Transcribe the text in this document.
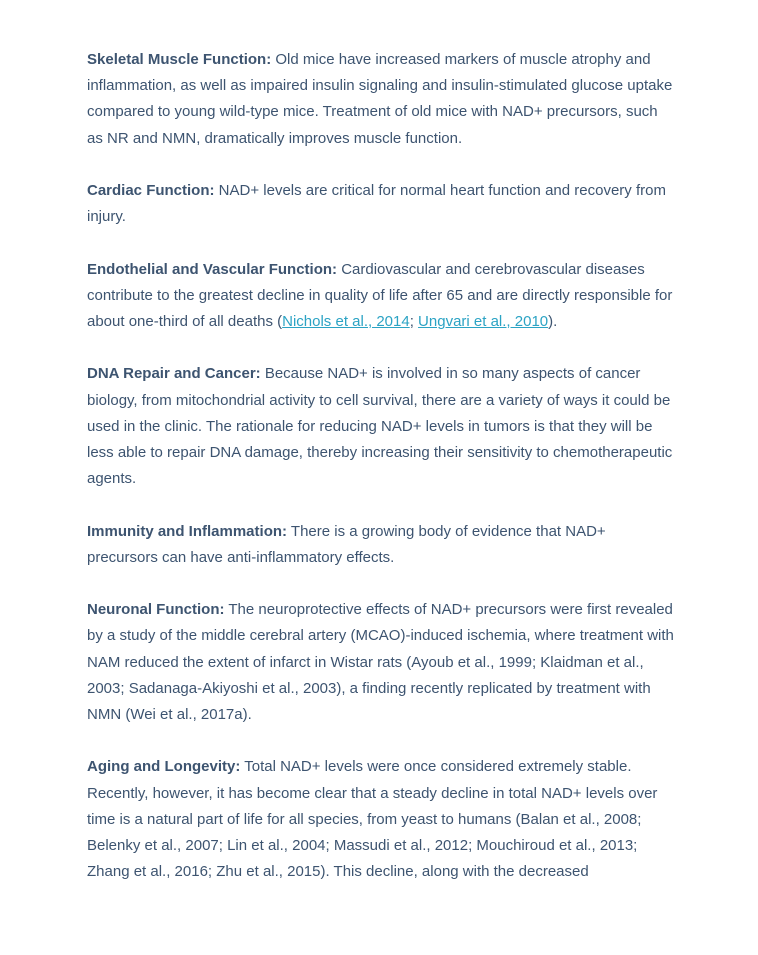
Skeletal Muscle Function: Old mice have increased markers of muscle atrophy and inflammation, as well as impaired insulin signaling and insulin-stimulated glucose uptake compared to young wild-type mice. Treatment of old mice with NAD+ precursors, such as NR and NMN, dramatically improves muscle function.

Cardiac Function: NAD+ levels are critical for normal heart function and recovery from injury.

Endothelial and Vascular Function: Cardiovascular and cerebrovascular diseases contribute to the greatest decline in quality of life after 65 and are directly responsible for about one-third of all deaths (Nichols et al., 2014; Ungvari et al., 2010).

DNA Repair and Cancer: Because NAD+ is involved in so many aspects of cancer biology, from mitochondrial activity to cell survival, there are a variety of ways it could be used in the clinic. The rationale for reducing NAD+ levels in tumors is that they will be less able to repair DNA damage, thereby increasing their sensitivity to chemotherapeutic agents.

Immunity and Inflammation: There is a growing body of evidence that NAD+ precursors can have anti-inflammatory effects.

Neuronal Function: The neuroprotective effects of NAD+ precursors were first revealed by a study of the middle cerebral artery (MCAO)-induced ischemia, where treatment with NAM reduced the extent of infarct in Wistar rats (Ayoub et al., 1999; Klaidman et al., 2003; Sadanaga-Akiyoshi et al., 2003), a finding recently replicated by treatment with NMN (Wei et al., 2017a).

Aging and Longevity: Total NAD+ levels were once considered extremely stable. Recently, however, it has become clear that a steady decline in total NAD+ levels over time is a natural part of life for all species, from yeast to humans (Balan et al., 2008; Belenky et al., 2007; Lin et al., 2004; Massudi et al., 2012; Mouchiroud et al., 2013; Zhang et al., 2016; Zhu et al., 2015). This decline, along with the decreased
